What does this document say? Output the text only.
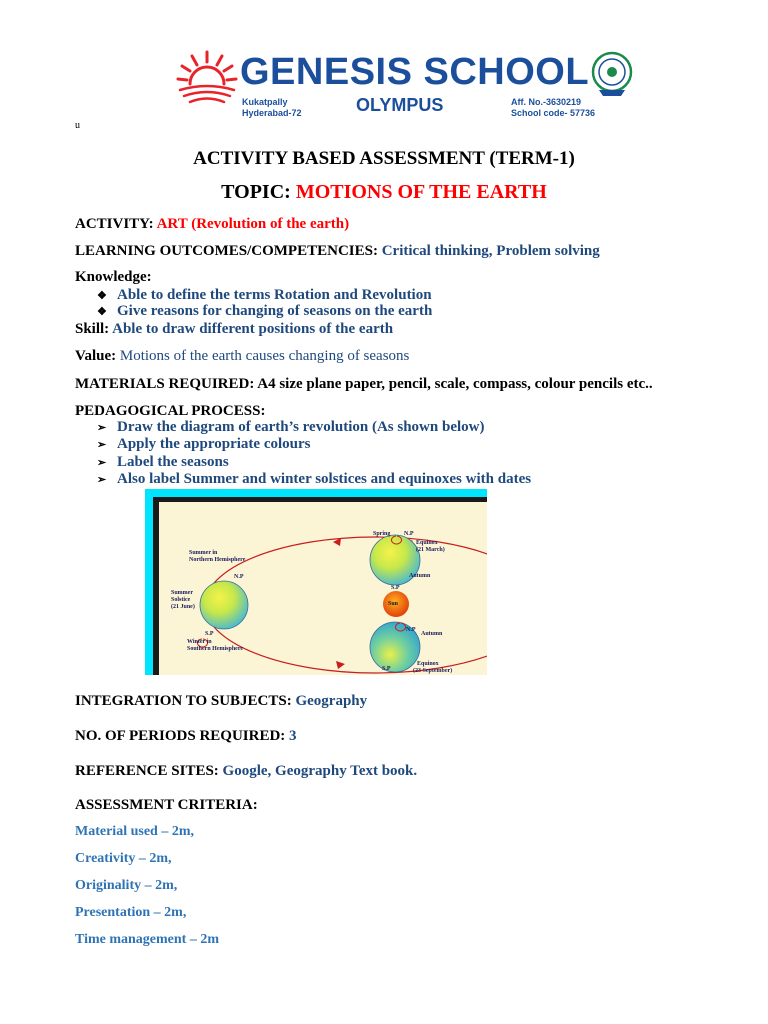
GENESIS SCHOOL
Kukatpally
Hyderabad-72	OLYMPUS	Aff. No.-3630219
School code- 57736
u
ACTIVITY BASED ASSESSMENT (TERM-1)
TOPIC: MOTIONS OF THE EARTH
ACTIVITY: ART (Revolution of the earth)
LEARNING OUTCOMES/COMPETENCIES: Critical thinking, Problem solving
Knowledge:
❖ Able to define the terms Rotation and Revolution
❖ Give reasons for changing of seasons on the earth
Skill: Able to draw different positions of the earth
Value: Motions of the earth causes changing of seasons
MATERIALS REQUIRED: A4 size plane paper, pencil, scale, compass, colour pencils etc..
PEDAGOGICAL PROCESS:
➢ Draw the diagram of earth’s revolution (As shown below)
➢ Apply the appropriate colours
➢ Label the seasons
➢ Also label Summer and winter solstices and equinoxes with dates
Summer in
Northern Hemisphere
N.P
Summer
Solstice
(21 June)
S.P
Winter in
Southern Hemisphere
Spring N.P
Equinox
(21 March)
S.P
Autumn
Sun
N.P
Autumn
Equinox
(23 September)
S.P
INTEGRATION TO SUBJECTS: Geography
NO. OF PERIODS REQUIRED: 3
REFERENCE SITES: Google, Geography Text book.
ASSESSMENT CRITERIA:
Material used – 2m,
Creativity – 2m,
Originality – 2m,
Presentation – 2m,
Time management – 2m
